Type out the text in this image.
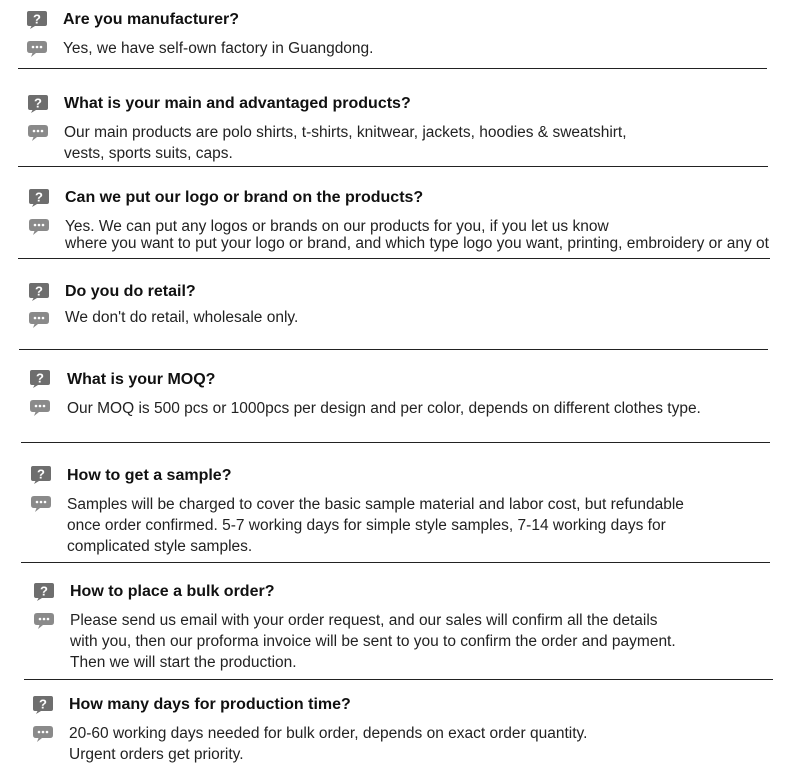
? Are you manufacturer?
Yes, we have self-own factory in Guangdong.
? What is your main and advantaged products?
Our main products are polo shirts, t-shirts, knitwear, jackets, hoodies & sweatshirt,
vests, sports suits, caps.
? Can we put our logo or brand on the products?
Yes. We can put any logos or brands on our products for you, if you let us know
where you want to put your logo or brand, and which type logo you want, printing, embroidery or any ot
? Do you do retail?
We don't do retail, wholesale only.
? What is your MOQ?
Our MOQ is 500 pcs or 1000pcs per design and per color, depends on different clothes type.
? How to get a sample?
Samples will be charged to cover the basic sample material and labor cost, but refundable
once order confirmed. 5-7 working days for simple style samples, 7-14 working days for
complicated style samples.
? How to place a bulk order?
Please send us email with your order request, and our sales will confirm all the details
with you, then our proforma invoice will be sent to you to confirm the order and payment.
Then we will start the production.
? How many days for production time?
20-60 working days needed for bulk order, depends on exact order quantity.
Urgent orders get priority.
